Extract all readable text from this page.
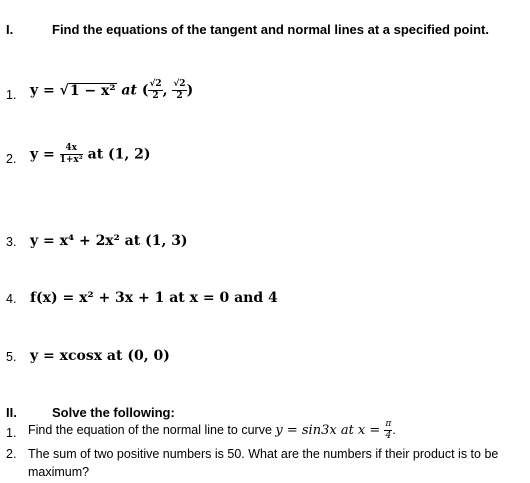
I.	Find the equations of the tangent and normal lines at a specified point.
1. y = √1 − x² at ( $\frac{√2}{2}$ , $\frac{√2}{2}$ )
2. $y = \frac{4x}{\text{1+x²}}$ at (1, 2)
3. y = x⁴ + 2x² at (1, 3)
4. f(x) = x² + 3x + 1 at x = 0 and 4
5. y = xcosx at (0, 0)
II.	Solve the following:
1. Find the equation of the normal line to curve y = sin3x at $x = \frac{\pi}{4}$ .
2. The sum of two positive numbers is 50. What are the numbers if their product is to be
maximum?
